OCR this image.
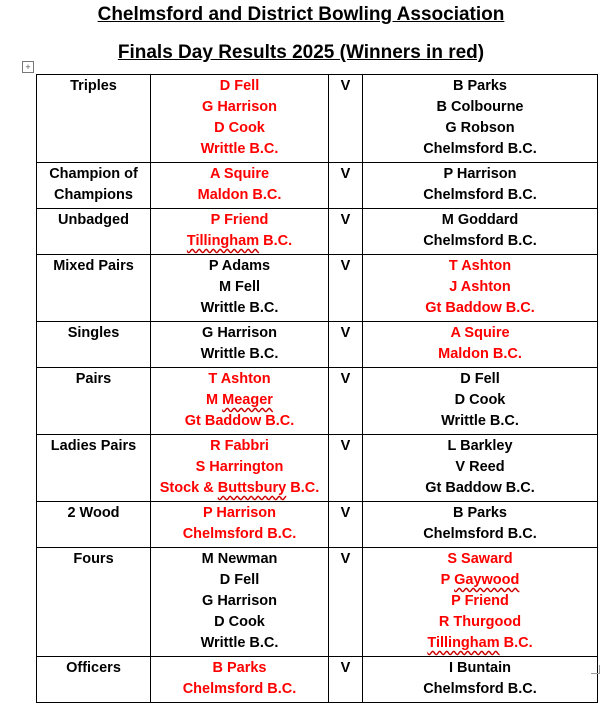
Chelmsford and District Bowling Association
Finals Day Results 2025 (Winners in red)
+
Triples	D Fell
G Harrison
D Cook
Writtle B.C.	V	B Parks
B Colbourne
G Robson
Chelmsford B.C.

Champion of
Champions	A Squire
Maldon B.C.	V	P Harrison
Chelmsford B.C.

Unbadged	P Friend
Tillingham B.C.	V	M Goddard
Chelmsford B.C.

Mixed Pairs	P Adams
M Fell
Writtle B.C.	V	T Ashton
J Ashton
Gt Baddow B.C.

Singles	G Harrison
Writtle B.C.	V	A Squire
Maldon B.C.

Pairs	T Ashton
M Meager
Gt Baddow B.C.	V	D Fell
D Cook
Writtle B.C.

Ladies Pairs	R Fabbri
S Harrington
Stock & Buttsbury B.C.	V	L Barkley
V Reed
Gt Baddow B.C.

2 Wood	P Harrison
Chelmsford B.C.	V	B Parks
Chelmsford B.C.

Fours	M Newman
D Fell
G Harrison
D Cook
Writtle B.C.	V	S Saward
P Gaywood
P Friend
R Thurgood
Tillingham B.C.

Officers	B Parks
Chelmsford B.C.	V	I Buntain
Chelmsford B.C.
